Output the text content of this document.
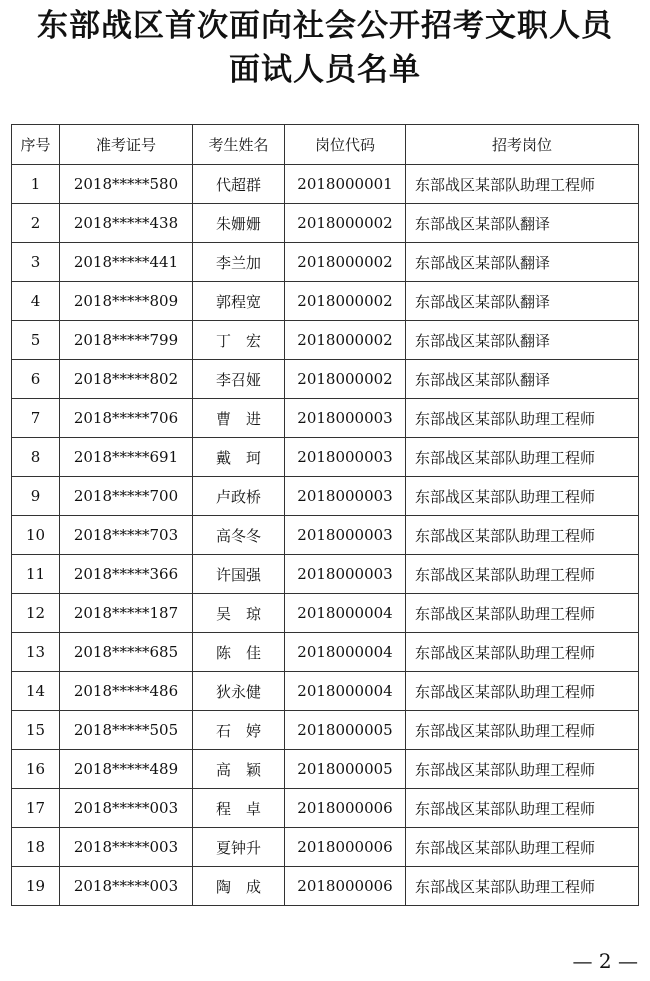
东部战区首次面向社会公开招考文职人员
面试人员名单
序号	准考证号	考生姓名	岗位代码	招考岗位
1	2018*****580	代超群	2018000001	东部战区某部队助理工程师
2	2018*****438	朱姗姗	2018000002	东部战区某部队翻译
3	2018*****441	李兰加	2018000002	东部战区某部队翻译
4	2018*****809	郭程宽	2018000002	东部战区某部队翻译
5	2018*****799	丁　宏	2018000002	东部战区某部队翻译
6	2018*****802	李召娅	2018000002	东部战区某部队翻译
7	2018*****706	曹　进	2018000003	东部战区某部队助理工程师
8	2018*****691	戴　珂	2018000003	东部战区某部队助理工程师
9	2018*****700	卢政桥	2018000003	东部战区某部队助理工程师
10	2018*****703	高冬冬	2018000003	东部战区某部队助理工程师
11	2018*****366	许国强	2018000003	东部战区某部队助理工程师
12	2018*****187	吴　琼	2018000004	东部战区某部队助理工程师
13	2018*****685	陈　佳	2018000004	东部战区某部队助理工程师
14	2018*****486	狄永健	2018000004	东部战区某部队助理工程师
15	2018*****505	石　婷	2018000005	东部战区某部队助理工程师
16	2018*****489	高　颖	2018000005	东部战区某部队助理工程师
17	2018*****003	程　卓	2018000006	东部战区某部队助理工程师
18	2018*****003	夏钟升	2018000006	东部战区某部队助理工程师
19	2018*****003	陶　成	2018000006	东部战区某部队助理工程师
— 2 —
